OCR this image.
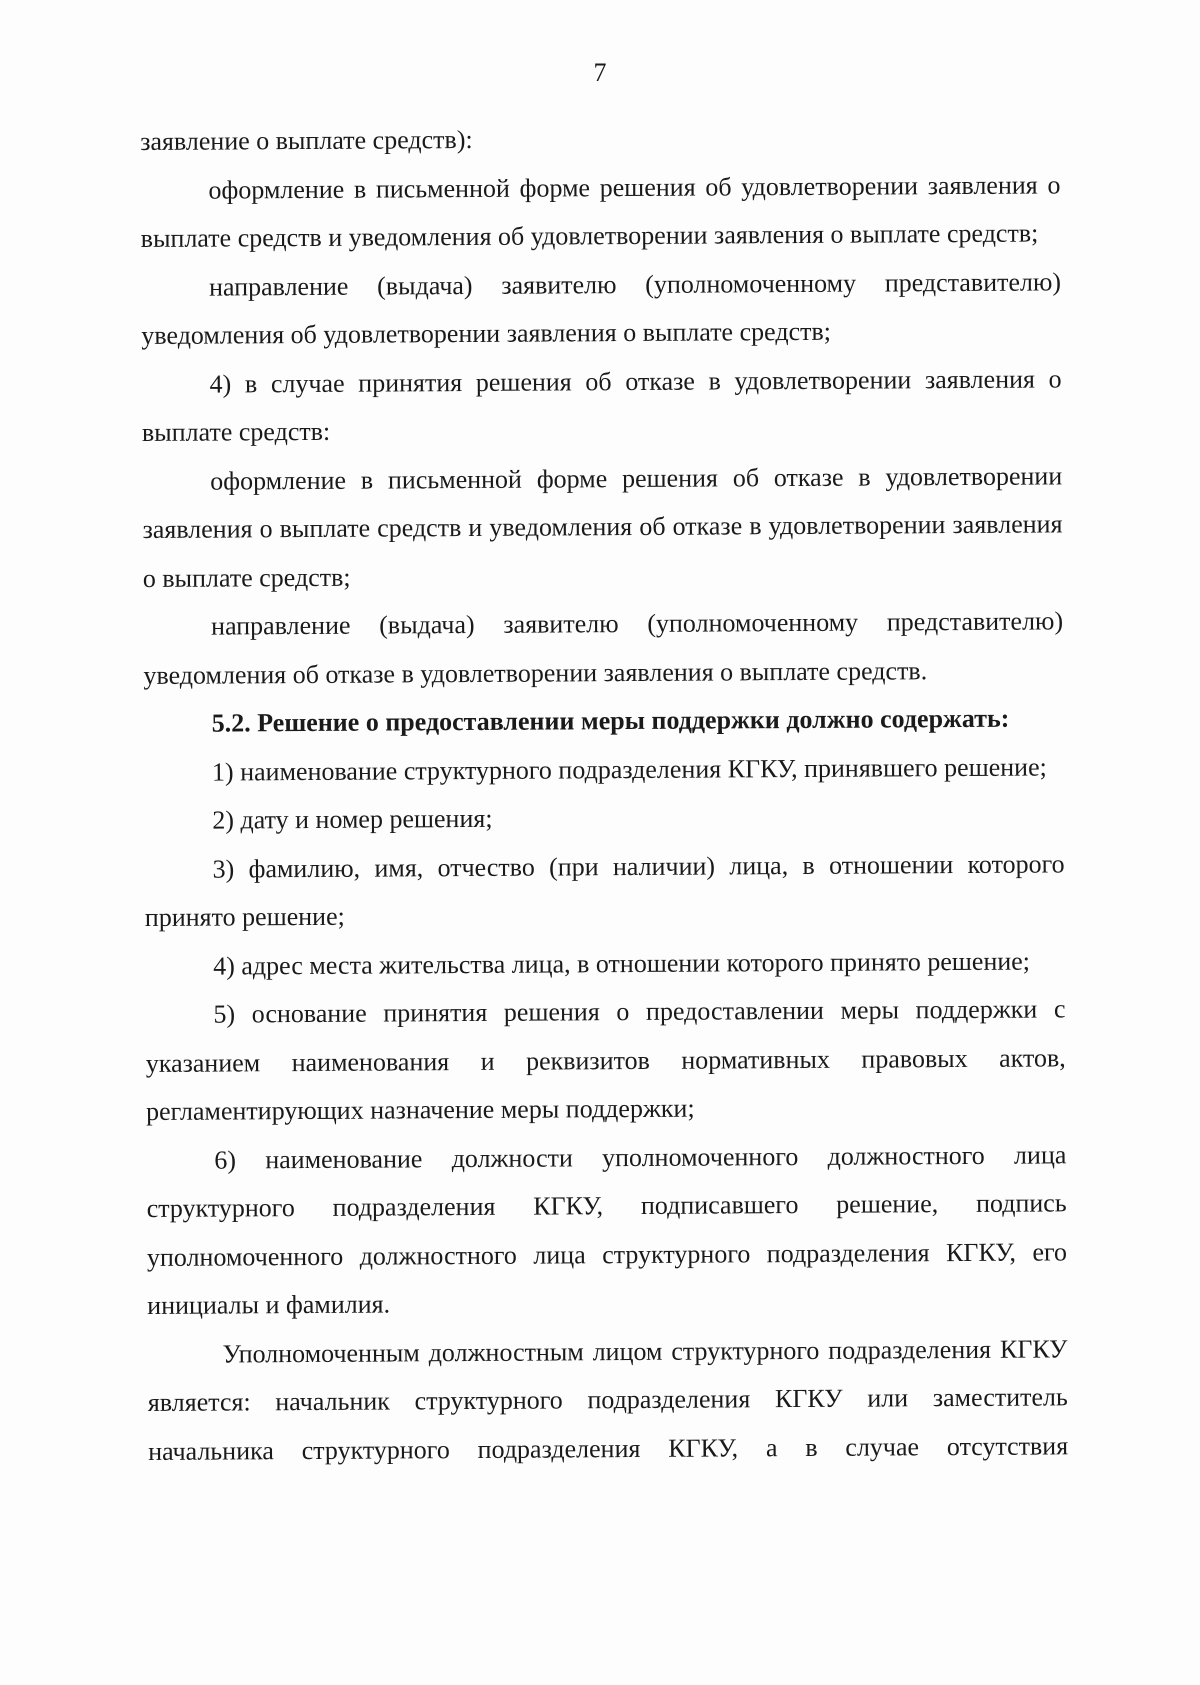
7

заявление о выплате средств):

оформление в письменной форме решения об удовлетворении заявления о выплате средств и уведомления об удовлетворении заявления о выплате средств;

направление (выдача) заявителю (уполномоченному представителю) уведомления об удовлетворении заявления о выплате средств;

4) в случае принятия решения об отказе в удовлетворении заявления о выплате средств:

оформление в письменной форме решения об отказе в удовлетворении заявления о выплате средств и уведомления об отказе в удовлетворении заявления о выплате средств;

направление (выдача) заявителю (уполномоченному представителю) уведомления об отказе в удовлетворении заявления о выплате средств.

5.2. Решение о предоставлении меры поддержки должно содержать:

1) наименование структурного подразделения КГКУ, принявшего решение;

2) дату и номер решения;

3) фамилию, имя, отчество (при наличии) лица, в отношении которого принято решение;

4) адрес места жительства лица, в отношении которого принято решение;

5) основание принятия решения о предоставлении меры поддержки с указанием наименования и реквизитов нормативных правовых актов, регламентирующих назначение меры поддержки;

6) наименование должности уполномоченного должностного лица структурного подразделения КГКУ, подписавшего решение, подпись уполномоченного должностного лица структурного подразделения КГКУ, его инициалы и фамилия.

Уполномоченным должностным лицом структурного подразделения КГКУ является: начальник структурного подразделения КГКУ или заместитель начальника структурного подразделения КГКУ, а в случае отсутствия
